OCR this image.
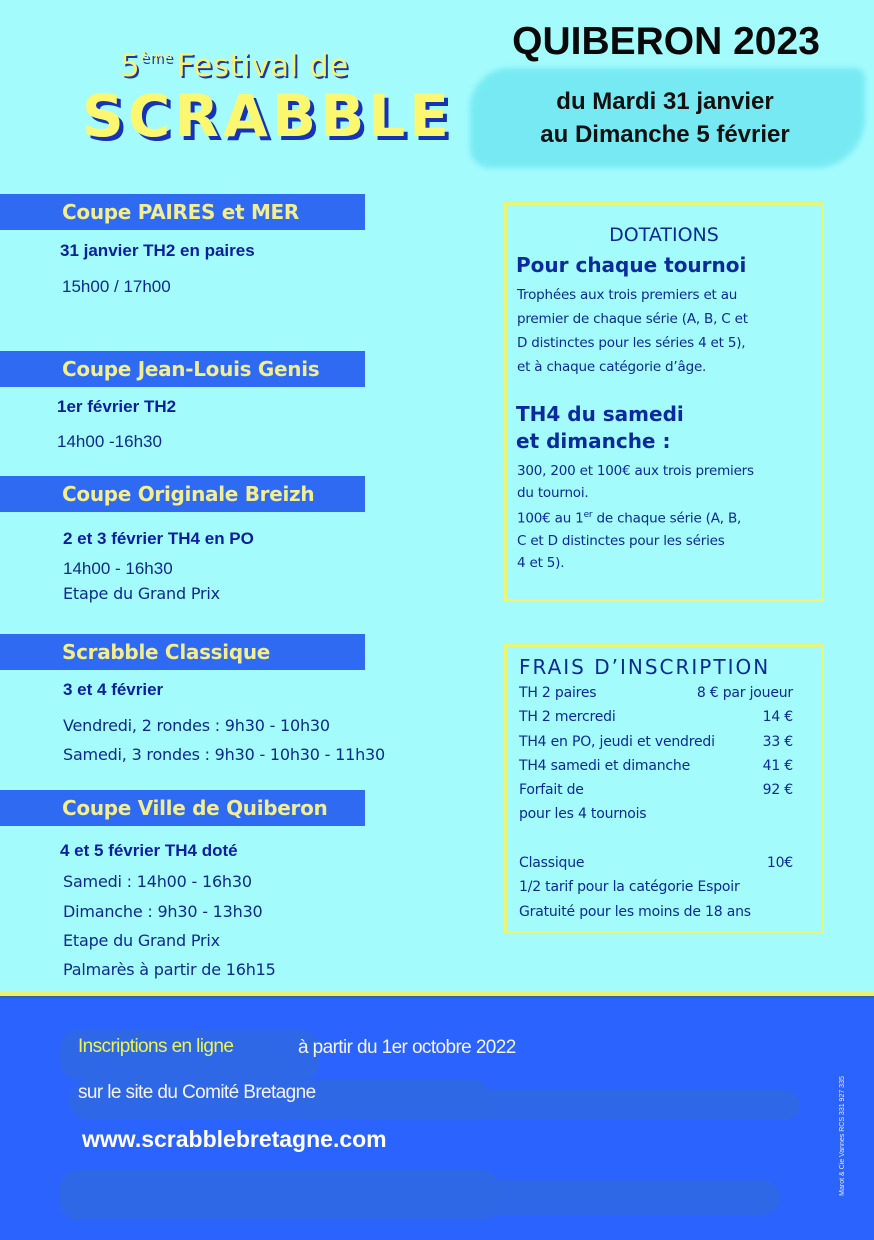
5ème Festival de
SCRABBLE
QUIBERON 2023
du Mardi 31 janvier
au Dimanche 5 février
Coupe PAIRES et MER
31 janvier TH2 en paires
15h00 / 17h00
Coupe Jean-Louis Genis
1er février TH2
14h00 -16h30
Coupe Originale Breizh
2 et 3 février TH4 en PO
14h00 - 16h30
Etape du Grand Prix
Scrabble Classique
3 et 4 février
Vendredi, 2 rondes : 9h30 - 10h30
Samedi, 3 rondes : 9h30 - 10h30 - 11h30
Coupe Ville de Quiberon
4 et 5 février TH4 doté
Samedi : 14h00 - 16h30
Dimanche : 9h30 - 13h30
Etape du Grand Prix
Palmarès à partir de 16h15
DOTATIONS
Pour chaque tournoi
Trophées aux trois premiers et au
premier de chaque série (A, B, C et
D distinctes pour les séries 4 et 5),
et à chaque catégorie d’âge.
TH4 du samedi
et dimanche :
300, 200 et 100€ aux trois premiers
du tournoi.
100€ au 1er de chaque série (A, B,
C et D distinctes pour les séries
4 et 5).
FRAIS D’INSCRIPTION
TH 2 paires	8 € par joueur
TH 2 mercredi	14 €
TH4 en PO, jeudi et vendredi	33 €
TH4 samedi et dimanche	41 €
Forfait de	92 €
pour les 4 tournois
Classique	10€
1/2 tarif pour la catégorie Espoir
Gratuité pour les moins de 18 ans
Inscriptions en ligne	à partir du 1er octobre 2022
sur le site du Comité Bretagne
www.scrabblebretagne.com	Marot & Cie Vannes RCS 331 927 335
